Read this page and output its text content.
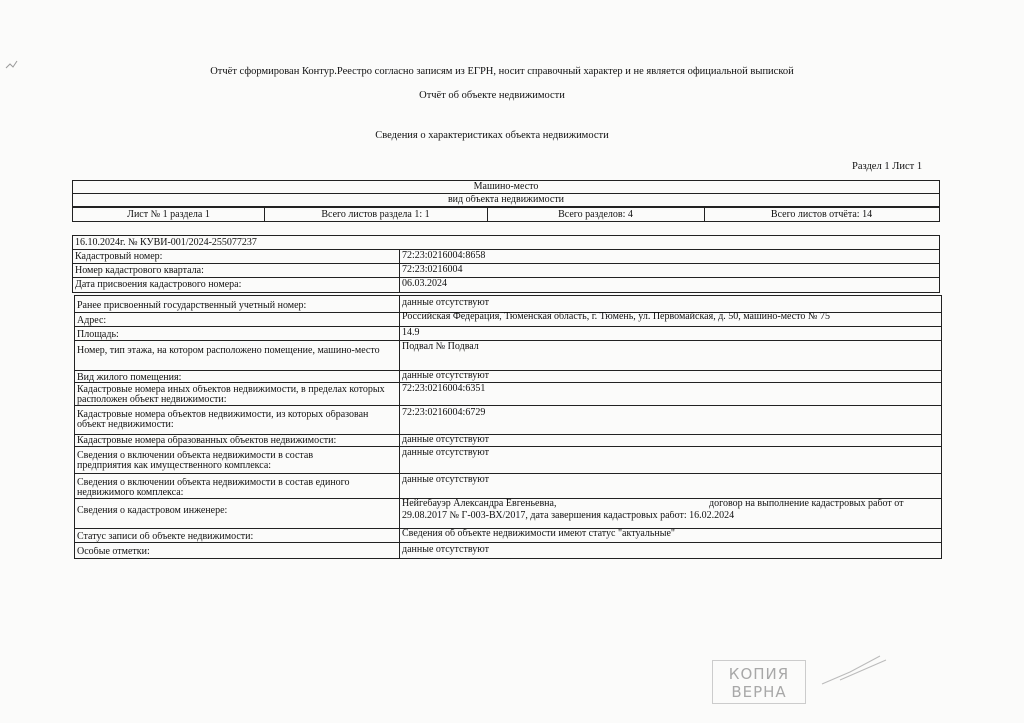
Отчёт сформирован Контур.Реестро согласно записям из ЕГРН, носит справочный характер и не является официальной выпиской
Отчёт об объекте недвижимости
Сведения о характеристиках объекта недвижимости
Раздел 1 Лист 1
Машино-место
вид объекта недвижимости
Лист № 1 раздела 1	Всего листов раздела 1: 1	Всего разделов: 4	Всего листов отчёта: 14
16.10.2024г. № КУВИ-001/2024-255077237
Кадастровый номер:	72:23:0216004:8658
Номер кадастрового квартала:	72:23:0216004
Дата присвоения кадастрового номера:	06.03.2024
Ранее присвоенный государственный учетный номер:	данные отсутствуют
Адрес:	Российская Федерация, Тюменская область, г. Тюмень, ул. Первомайская, д. 50, машино-место № 75
Площадь:	14.9
Номер, тип этажа, на котором расположено помещение, машино-место	Подвал № Подвал
Вид жилого помещения:	данные отсутствуют
Кадастровые номера иных объектов недвижимости, в пределах которых расположен объект недвижимости:
72:23:0216004:6351
Кадастровые номера объектов недвижимости, из которых образован объект недвижимости:
72:23:0216004:6729
Кадастровые номера образованных объектов недвижимости:	данные отсутствуют
Сведения о включении объекта недвижимости в состав предприятия как имущественного комплекса:
данные отсутствуют
Сведения о включении объекта недвижимости в состав единого недвижимого комплекса:
данные отсутствуют
Сведения о кадастровом инженере:
Нейгебауэр Александра Евгеньевна,	договор на выполнение кадастровых работ от
29.08.2017 № Г-003-ВХ/2017, дата завершения кадастровых работ: 16.02.2024
Статус записи об объекте недвижимости:	Сведения об объекте недвижимости имеют статус "актуальные"
Особые отметки:	данные отсутствуют
КОПИЯ
ВЕРНА
